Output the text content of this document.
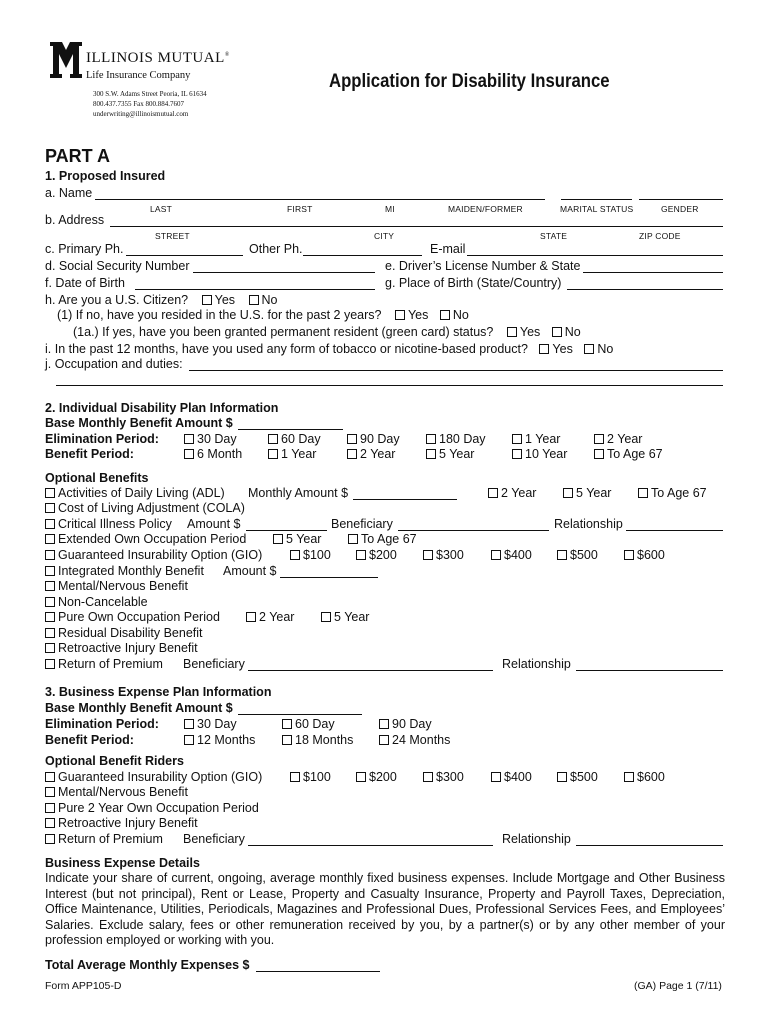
ILLINOIS MUTUAL®
Life Insurance Company
300 S.W. Adams Street Peoria, IL 61634
800.437.7355 Fax 800.884.7607
underwriting@illinoismutual.com
Application for Disability Insurance
PART A
1. Proposed Insured
a. Name
LAST	FIRST	MI	MAIDEN/FORMER	MARITAL STATUS	GENDER
b. Address
STREET	CITY	STATE	ZIP CODE
c. Primary Ph.	Other Ph.	E-mail
d. Social Security Number	e. Driver’s License Number & State
f. Date of Birth	g. Place of Birth (State/Country)
h. Are you a U.S. Citizen? Yes No
(1) If no, have you resided in the U.S. for the past 2 years? Yes No
(1a.) If yes, have you been granted permanent resident (green card) status? Yes No
i. In the past 12 months, have you used any form of tobacco or nicotine-based product? Yes No
j. Occupation and duties:
2. Individual Disability Plan Information
Base Monthly Benefit Amount $
Elimination Period:	30 Day	60 Day	90 Day	180 Day	1 Year	2 Year
Benefit Period:	6 Month	1 Year	2 Year	5 Year	10 Year	To Age 67
Optional Benefits
Activities of Daily Living (ADL) Monthly Amount $	2 Year	5 Year	To Age 67
Cost of Living Adjustment (COLA)
Critical Illness Policy Amount $	Beneficiary	Relationship
Extended Own Occupation Period	5 Year	To Age 67
Guaranteed Insurability Option (GIO)	$100	$200	$300	$400	$500	$600
Integrated Monthly Benefit Amount $
Mental/Nervous Benefit
Non-Cancelable
Pure Own Occupation Period	2 Year	5 Year
Residual Disability Benefit
Retroactive Injury Benefit
Return of Premium Beneficiary	Relationship
3. Business Expense Plan Information
Base Monthly Benefit Amount $
Elimination Period:	30 Day	60 Day	90 Day
Benefit Period:	12 Months	18 Months	24 Months
Optional Benefit Riders
Guaranteed Insurability Option (GIO)	$100	$200	$300	$400	$500	$600
Mental/Nervous Benefit
Pure 2 Year Own Occupation Period
Retroactive Injury Benefit
Return of Premium Beneficiary	Relationship
Business Expense Details
Indicate your share of current, ongoing, average monthly fixed business expenses. Include Mortgage and Other Business Interest (but not principal), Rent or Lease, Property and Casualty Insurance, Property and Payroll Taxes, Depreciation, Office Maintenance, Utilities, Periodicals, Magazines and Professional Dues, Professional Services Fees, and Employees’ Salaries. Exclude salary, fees or other remuneration received by you, by a partner(s) or by any other member of your profession employed or working with you.
Total Average Monthly Expenses $
Form APP105-D	(GA) Page 1 (7/11)
